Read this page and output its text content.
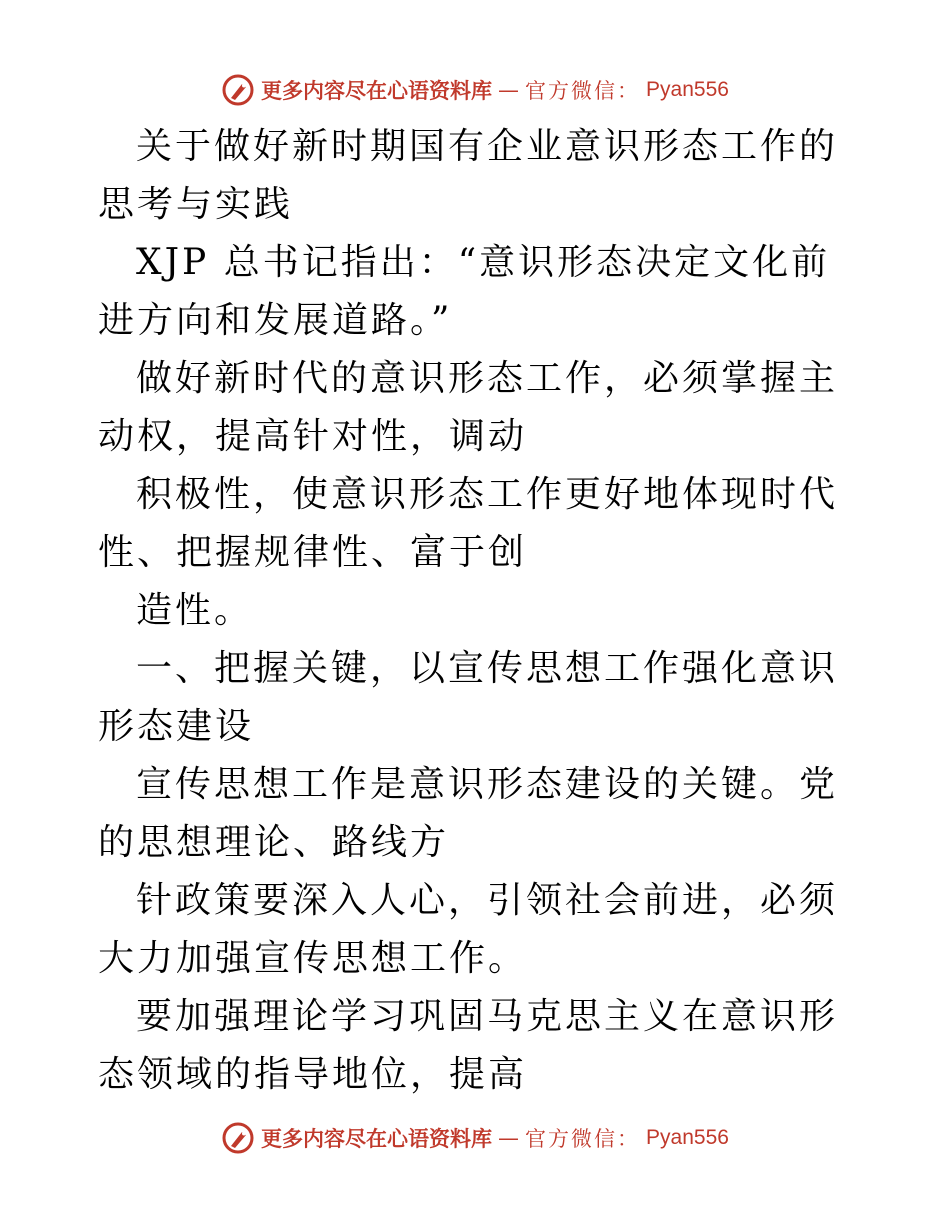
更多内容尽在心语资料库 — 官方微信： Pyan556

关于做好新时期国有企业意识形态工作的思考与实践

XJP 总书记指出：“意识形态决定文化前进方向和发展道路。”

做好新时代的意识形态工作，必须掌握主动权，提高针对性，调动

积极性，使意识形态工作更好地体现时代性、把握规律性、富于创

造性。

一、把握关键，以宣传思想工作强化意识形态建设

宣传思想工作是意识形态建设的关键。党的思想理论、路线方

针政策要深入人心，引领社会前进，必须大力加强宣传思想工作。

要加强理论学习巩固马克思主义在意识形态领域的指导地位，提高

更多内容尽在心语资料库 — 官方微信： Pyan556
